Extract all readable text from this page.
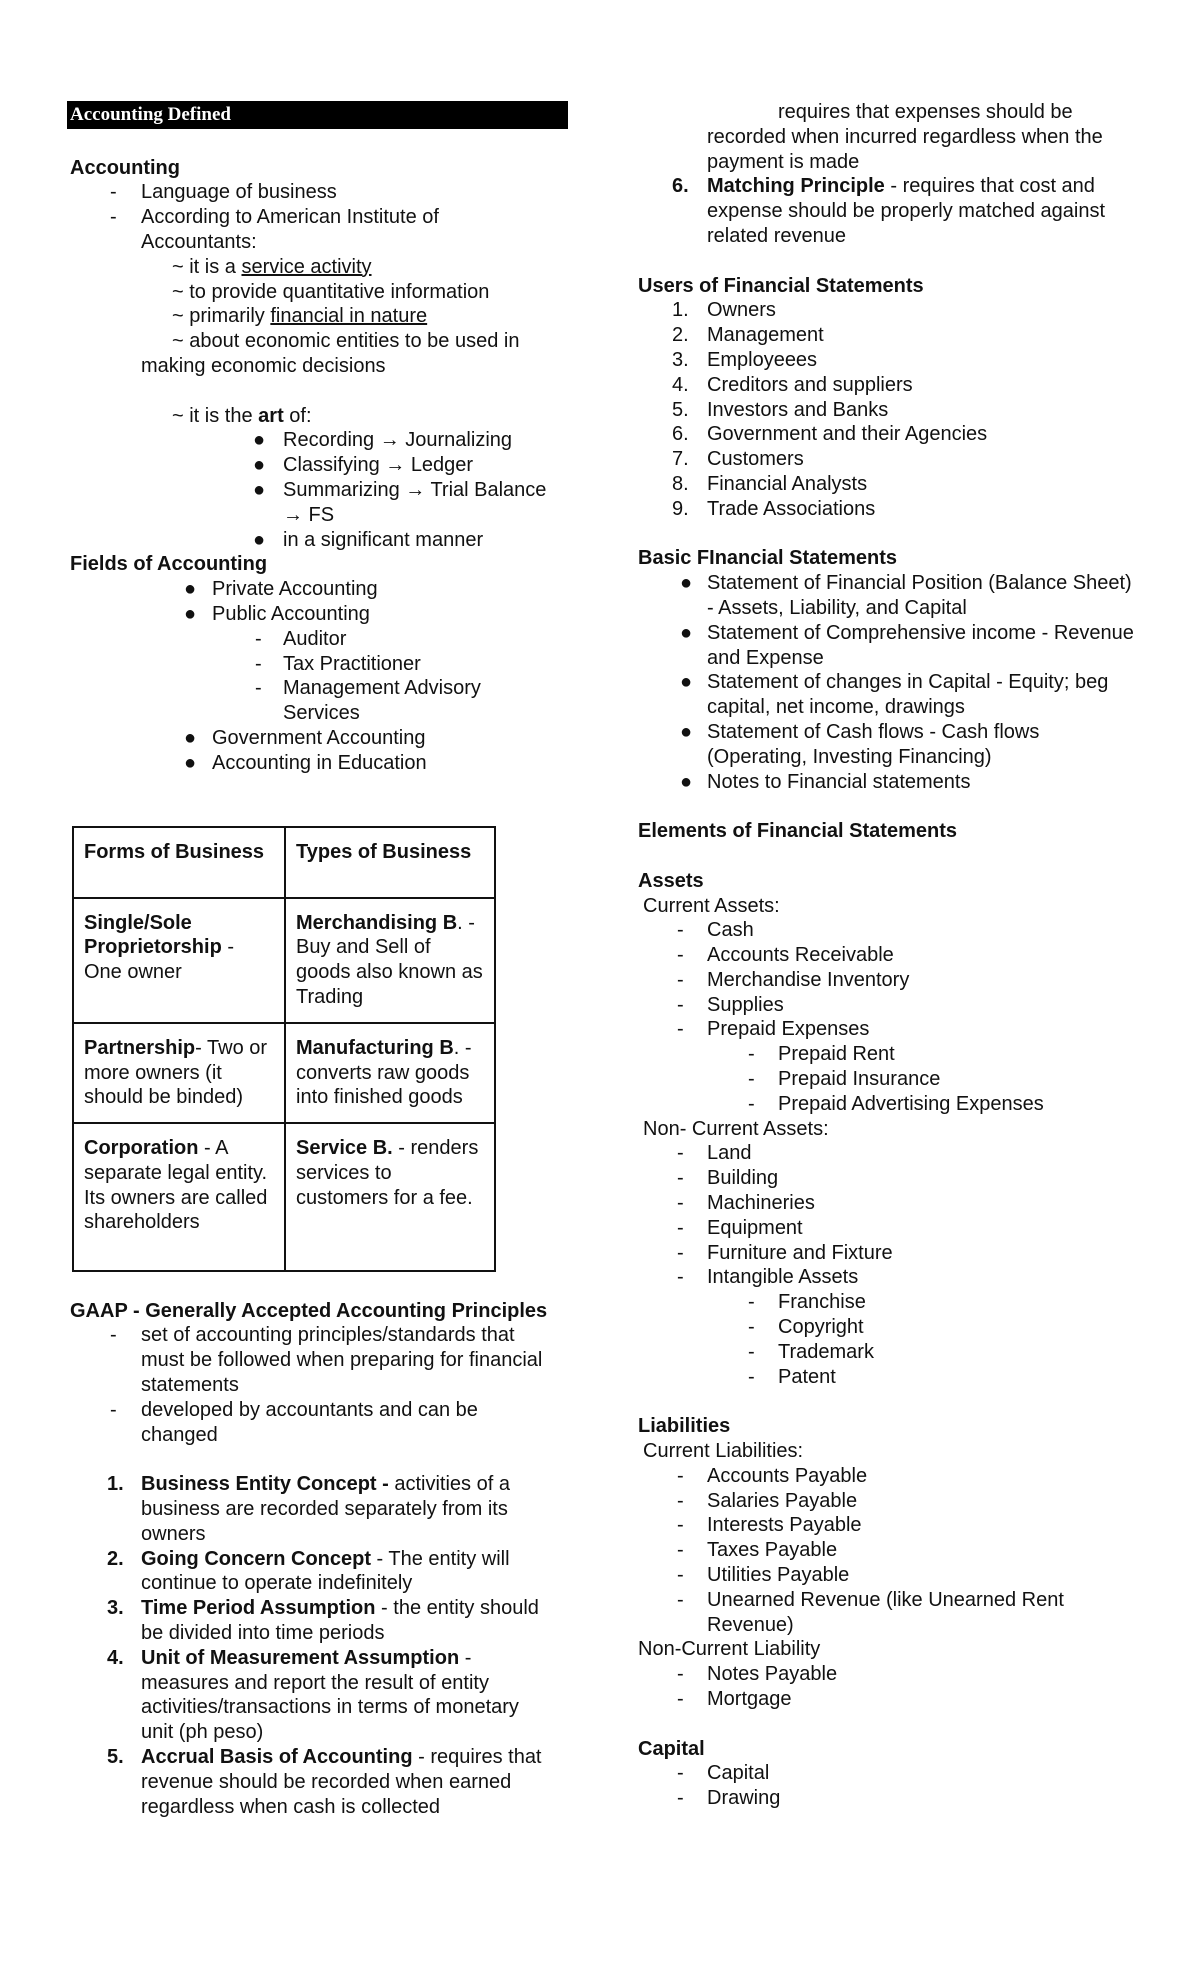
Accounting Defined
Accounting
- Language of business
- According to American Institute of Accountants:
~ it is a service activity
~ to provide quantitative information
~ primarily financial in nature
~ about economic entities to be used in making economic decisions
~ it is the art of:
● Recording → Journalizing
● Classifying → Ledger
● Summarizing → Trial Balance → FS
● in a significant manner
Fields of Accounting
● Private Accounting
● Public Accounting
- Auditor
- Tax Practitioner
- Management Advisory Services
● Government Accounting
● Accounting in Education
Forms of Business	Types of Business
Single/Sole Proprietorship - One owner	Merchandising B. - Buy and Sell of goods also known as Trading
Partnership- Two or more owners (it should be binded)	Manufacturing B. - converts raw goods into finished goods
Corporation - A separate legal entity. Its owners are called shareholders	Service B. - renders services to customers for a fee.
GAAP - Generally Accepted Accounting Principles
- set of accounting principles/standards that must be followed when preparing for financial statements
- developed by accountants and can be changed
1. Business Entity Concept - activities of a business are recorded separately from its owners
2. Going Concern Concept - The entity will continue to operate indefinitely
3. Time Period Assumption - the entity should be divided into time periods
4. Unit of Measurement Assumption - measures and report the result of entity activities/transactions in terms of monetary unit (ph peso)
5. Accrual Basis of Accounting - requires that revenue should be recorded when earned regardless when cash is collected
requires that expenses should be recorded when incurred regardless when the payment is made
6. Matching Principle - requires that cost and expense should be properly matched against related revenue
Users of Financial Statements
1. Owners
2. Management
3. Employeees
4. Creditors and suppliers
5. Investors and Banks
6. Government and their Agencies
7. Customers
8. Financial Analysts
9. Trade Associations
Basic FInancial Statements
● Statement of Financial Position (Balance Sheet) - Assets, Liability, and Capital
● Statement of Comprehensive income - Revenue and Expense
● Statement of changes in Capital - Equity; beg capital, net income, drawings
● Statement of Cash flows - Cash flows (Operating, Investing Financing)
● Notes to Financial statements
Elements of Financial Statements
Assets
Current Assets:
- Cash
- Accounts Receivable
- Merchandise Inventory
- Supplies
- Prepaid Expenses
- Prepaid Rent
- Prepaid Insurance
- Prepaid Advertising Expenses
Non- Current Assets:
- Land
- Building
- Machineries
- Equipment
- Furniture and Fixture
- Intangible Assets
- Franchise
- Copyright
- Trademark
- Patent
Liabilities
Current Liabilities:
- Accounts Payable
- Salaries Payable
- Interests Payable
- Taxes Payable
- Utilities Payable
- Unearned Revenue (like Unearned Rent Revenue)
Non-Current Liability
- Notes Payable
- Mortgage
Capital
- Capital
- Drawing
